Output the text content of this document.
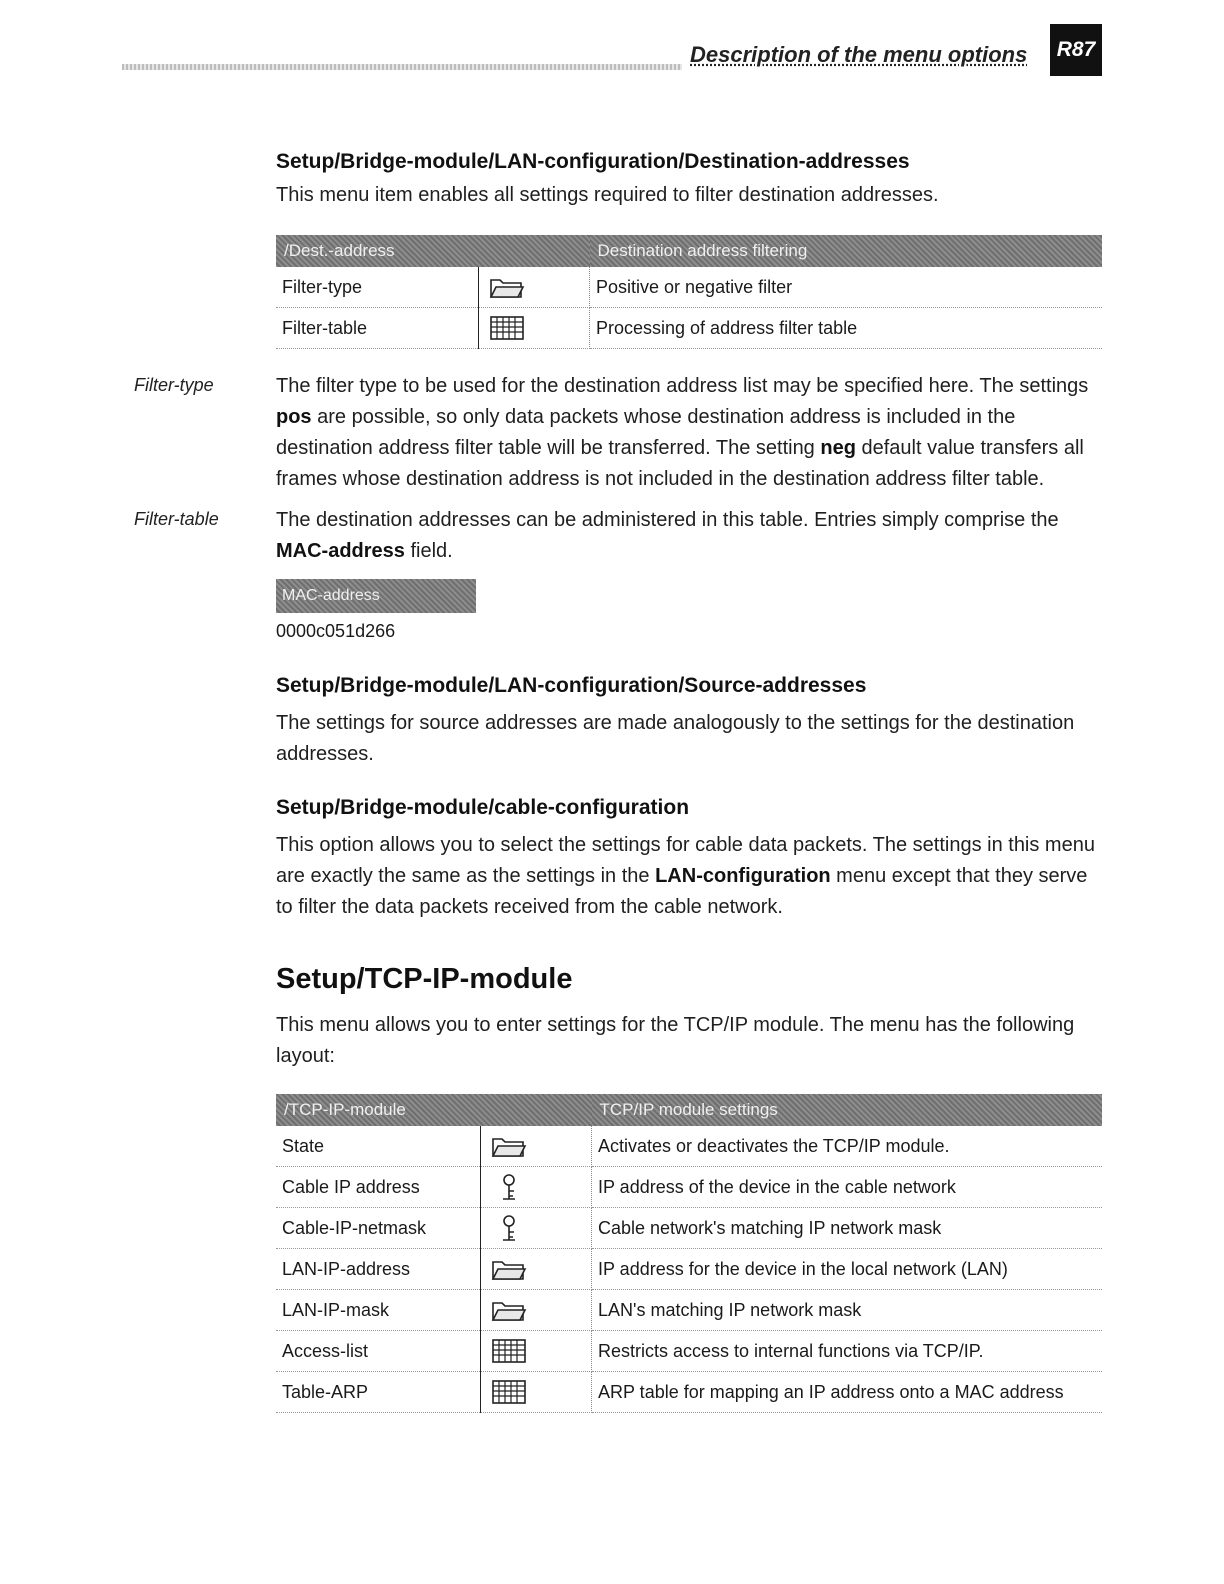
Description of the menu options	R87
Setup/Bridge-module/LAN-configuration/Destination-addresses

This menu item enables all settings required to filter destination addresses.

/Dest.-address		Destination address filtering
Filter-type		Positive or negative filter
Filter-table		Processing of address filter table
Filter-type	The filter type to be used for the destination address list may be specified here. The settings pos are possible, so only data packets whose destination address is included in the destination address filter table will be transferred. The setting neg default value transfers all frames whose destination address is not included in the destination address filter table.

Filter-table	The destination addresses can be administered in this table. Entries simply comprise the MAC-address field.

MAC-address
0000c051d266
Setup/Bridge-module/LAN-configuration/Source-addresses

The settings for source addresses are made analogously to the settings for the destination addresses.

Setup/Bridge-module/cable-configuration

This option allows you to select the settings for cable data packets. The settings in this menu are exactly the same as the settings in the LAN-configuration menu except that they serve to filter the data packets received from the cable network.

Setup/TCP-IP-module

This menu allows you to enter settings for the TCP/IP module. The menu has the following layout:

/TCP-IP-module		TCP/IP module settings
State		Activates or deactivates the TCP/IP module.
Cable IP address		IP address of the device in the cable network
Cable-IP-netmask		Cable network's matching IP network mask
LAN-IP-address		IP address for the device in the local network (LAN)
LAN-IP-mask		LAN's matching IP network mask
Access-list		Restricts access to internal functions via TCP/IP.
Table-ARP		ARP table for mapping an IP address onto a MAC address
